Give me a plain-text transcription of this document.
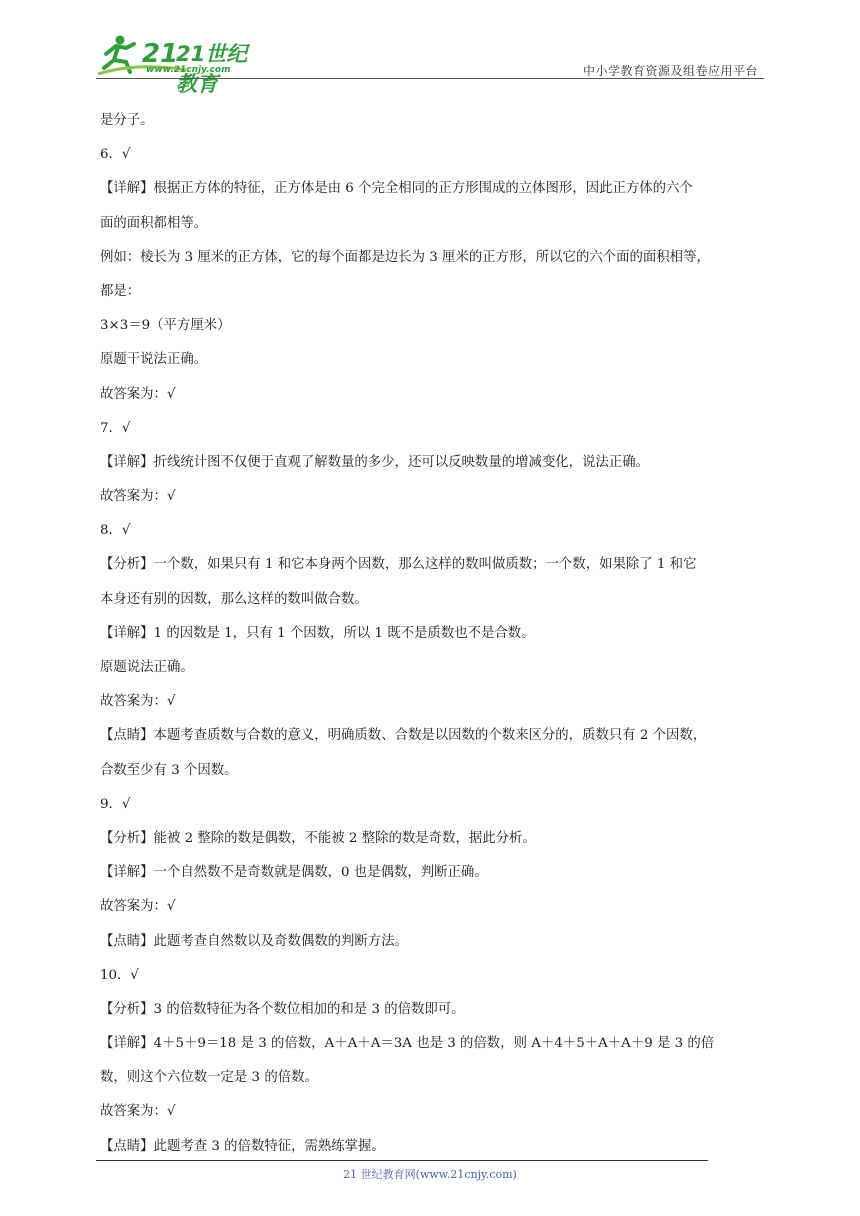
21
21世纪教育
www.21cnjy.com	中小学教育资源及组卷应用平台
是分子。
6．√
【详解】根据正方体的特征，正方体是由 6 个完全相同的正方形围成的立体图形，因此正方体的六个
面的面积都相等。
例如：棱长为 3 厘米的正方体，它的每个面都是边长为 3 厘米的正方形，所以它的六个面的面积相等，
都是：
3×3＝9（平方厘米）
原题干说法正确。
故答案为：√
7．√
【详解】折线统计图不仅便于直观了解数量的多少，还可以反映数量的增减变化，说法正确。
故答案为：√
8．√
【分析】一个数，如果只有 1 和它本身两个因数，那么这样的数叫做质数；一个数，如果除了 1 和它
本身还有别的因数，那么这样的数叫做合数。
【详解】1 的因数是 1，只有 1 个因数，所以 1 既不是质数也不是合数。
原题说法正确。
故答案为：√
【点睛】本题考查质数与合数的意义，明确质数、合数是以因数的个数来区分的，质数只有 2 个因数，
合数至少有 3 个因数。
9．√
【分析】能被 2 整除的数是偶数，不能被 2 整除的数是奇数，据此分析。
【详解】一个自然数不是奇数就是偶数，0 也是偶数，判断正确。
故答案为：√
【点睛】此题考查自然数以及奇数偶数的判断方法。
10．√
【分析】3 的倍数特征为各个数位相加的和是 3 的倍数即可。
【详解】4＋5＋9＝18 是 3 的倍数，A＋A＋A＝3A 也是 3 的倍数，则 A＋4＋5＋A＋A＋9 是 3 的倍
数，则这个六位数一定是 3 的倍数。
故答案为：√
【点睛】此题考查 3 的倍数特征，需熟练掌握。
21 世纪教育网(www.21cnjy.com)
